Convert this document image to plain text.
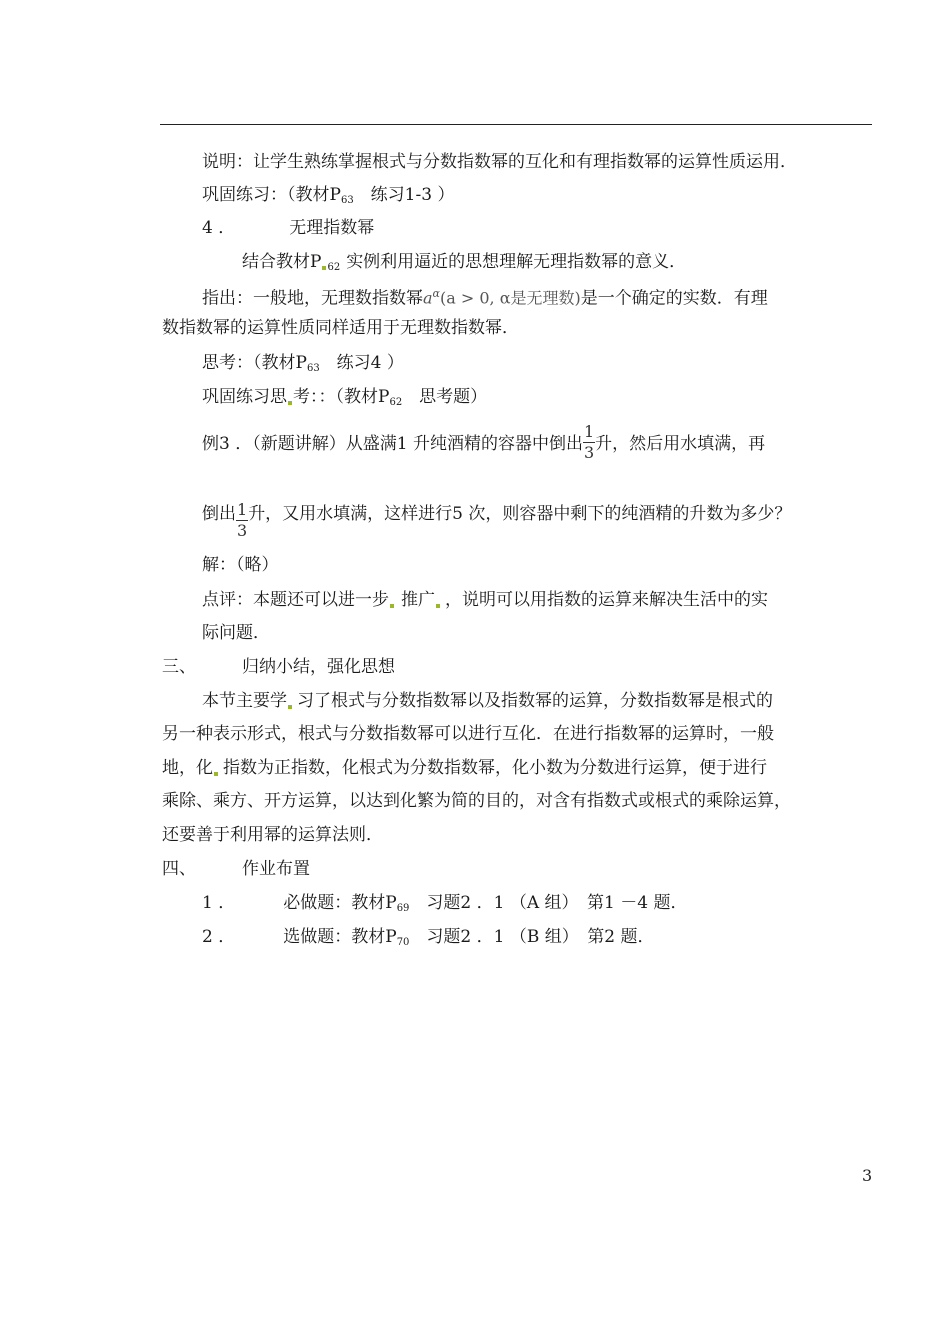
说明：让学生熟练掌握根式与分数指数幂的互化和有理指数幂的运算性质运用．
巩固练习：（教材$P_{63}$　练习1-3 ）
4 ．	无理指数幂
结合教材P $_{62}$ 实例利用逼近的思想理解无理指数幂的意义．
指出：一般地，无理数指数幂$a^\alpha(a > 0$, α是无理数)是一个确定的实数．有理
数指数幂的运算性质同样适用于无理数指数幂．
思考：（教材$P_{63}$　练习4 ）
巩固练习思 考：：（教材$P_{62}$　思考题）
例3 ．（新题讲解）从盛满1 升纯酒精的容器中倒出 $\frac{1}{3}$ 升，然后用水填满，再
倒出 $\frac{1}{3}$ 升，又用水填满，这样进行5 次，则容器中剩下的纯酒精的升数为多少？
解：（略）
点评：本题还可以进一步 推广 ，说明可以用指数的运算来解决生活中的实
际问题．
三、	归纳小结，强化思想
本节主要学 习了根式与分数指数幂以及指数幂的运算，分数指数幂是根式的
另一种表示形式，根式与分数指数幂可以进行互化．在进行指数幂的运算时，一般
地，化 指数为正指数，化根式为分数指数幂，化小数为分数进行运算，便于进行
乘除、乘方、开方运算，以达到化繁为简的目的，对含有指数式或根式的乘除运算，
还要善于利用幂的运算法则．
四、	作业布置
1 ．	必做题：教材$P_{69}$　习题2 ．1 （A 组）　第1 －4 题．
2 ．	选做题：教材$P_{70}$　习题2 ．1 （B 组）　第2 题．
3
